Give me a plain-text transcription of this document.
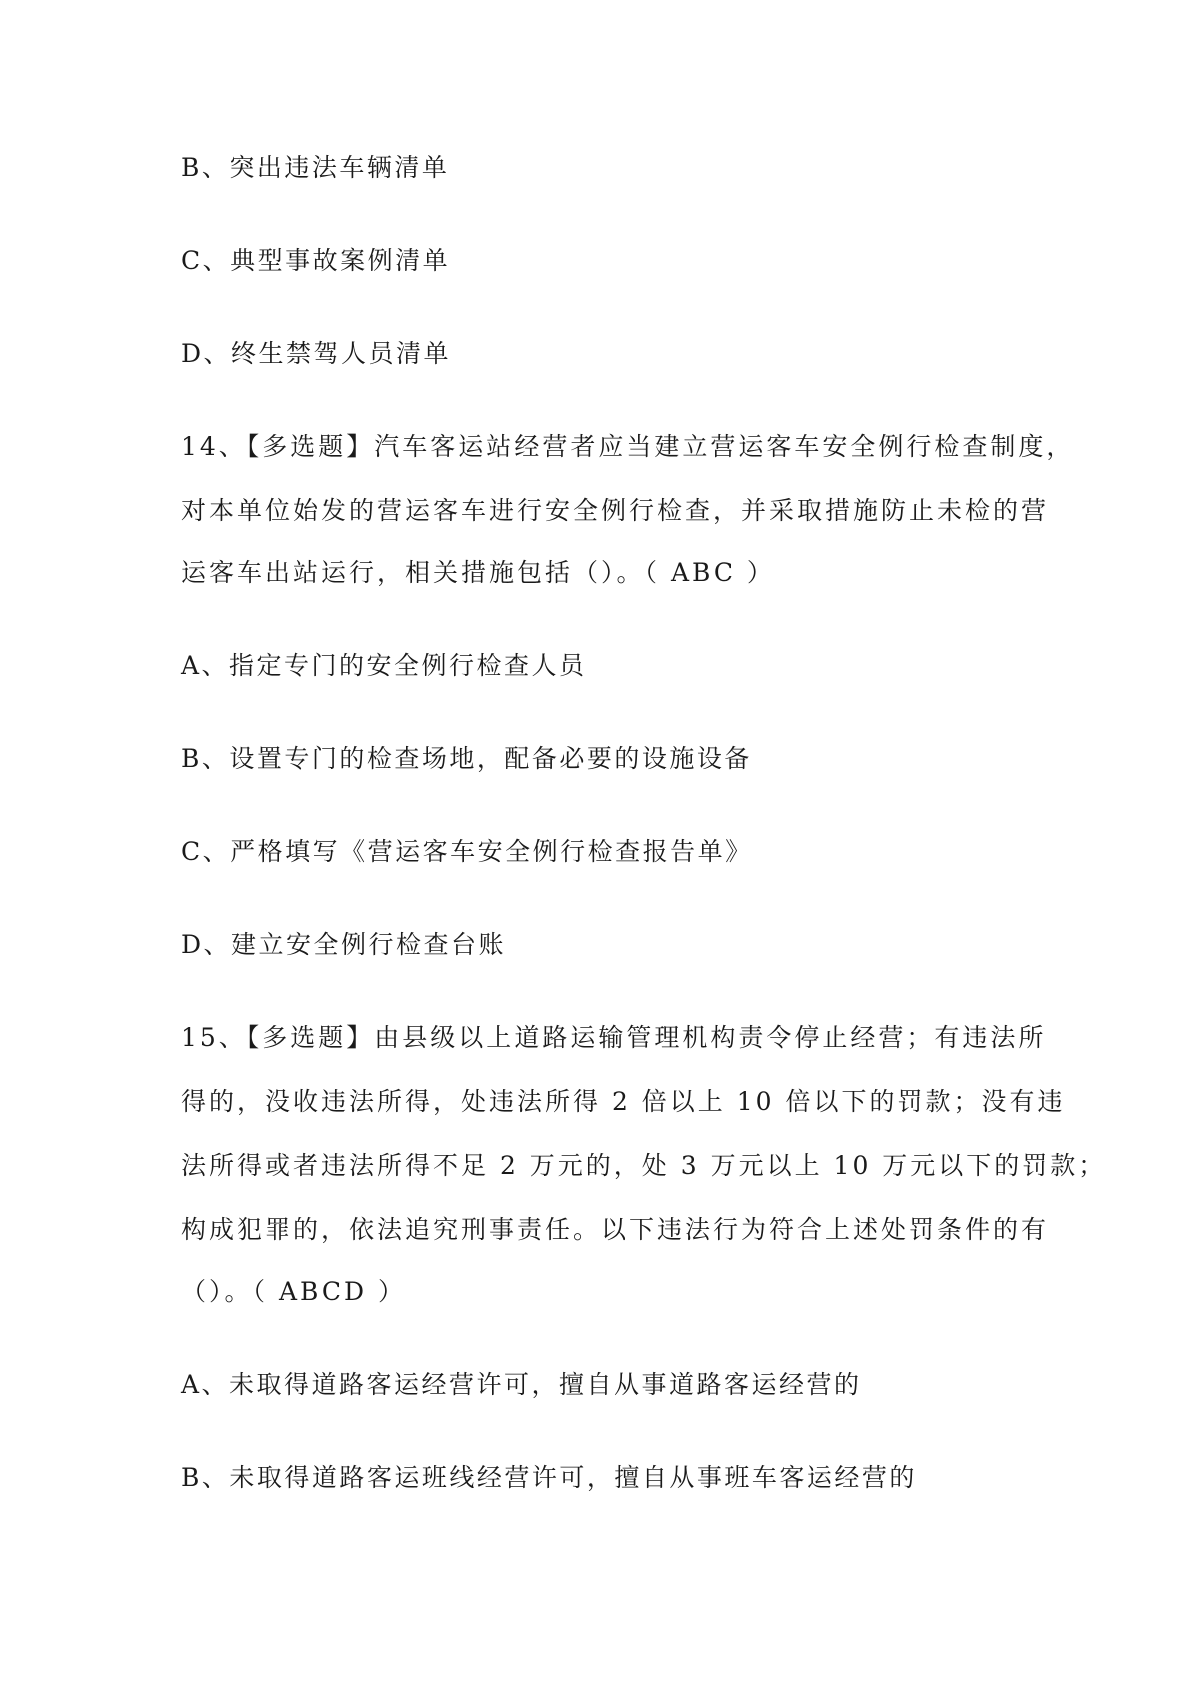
B、突出违法车辆清单
C、典型事故案例清单
D、终生禁驾人员清单
14、【多选题】汽车客运站经营者应当建立营运客车安全例行检查制度，
对本单位始发的营运客车进行安全例行检查，并采取措施防止未检的营
运客车出站运行，相关措施包括（）。（ ABC ）
A、指定专门的安全例行检查人员
B、设置专门的检查场地，配备必要的设施设备
C、严格填写《营运客车安全例行检查报告单》
D、建立安全例行检查台账
15、【多选题】由县级以上道路运输管理机构责令停止经营；有违法所
得的，没收违法所得，处违法所得 2 倍以上 10 倍以下的罚款；没有违
法所得或者违法所得不足 2 万元的，处 3 万元以上 10 万元以下的罚款；
构成犯罪的，依法追究刑事责任。以下违法行为符合上述处罚条件的有
（）。（ ABCD ）
A、未取得道路客运经营许可，擅自从事道路客运经营的
B、未取得道路客运班线经营许可，擅自从事班车客运经营的
